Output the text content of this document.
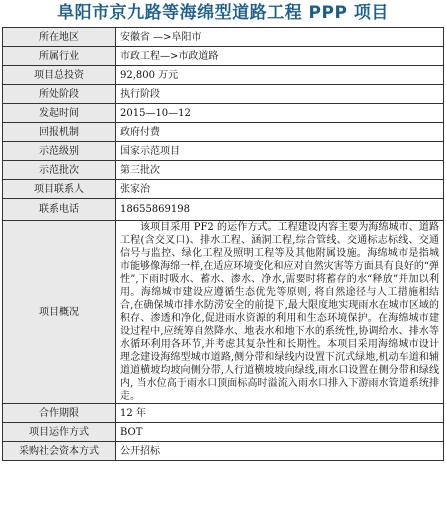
阜阳市京九路等海绵型道路工程 PPP 项目
所在地区	安徽省 —>阜阳市
所属行业	市政工程—>市政道路
项目总投资	92,800 万元
所处阶段	执行阶段
发起时间	2015—10—12
回报机制	政府付费
示范级别	国家示范项目
示范批次	第三批次
项目联系人	张家治
联系电话	18655869198
项目概况	该项目采用 PF2 的运作方式。工程建设内容主要为海绵城市、道路工程(含交叉口)、排水工程、涵洞工程,综合管线、交通标志标线、交通信号与监控、绿化工程及照明工程等及其他附属设施。海绵城市是指城市能够像海绵一样,在适应环境变化和应对自然灾害等方面具有良好的“弹性”,下雨时吸水、蓄水、渗水、净水,需要时将蓄存的水“释放”并加以利用。海绵城市建设应遵循生态优先等原则, 将自然途径与人工措施相结合,在确保城市排水防涝安全的前提下,最大限度地实现雨水在城市区域的积存、渗透和净化,促进雨水资源的利用和生态环境保护。在海绵城市建设过程中,应统筹自然降水、地表水和地下水的系统性,协调给水、排水等水循环利用各环节,并考虑其复杂性和长期性。本项目采用海绵城市设计理念建设海绵型城市道路,侧分带和绿线内设置下沉式绿地,机动车道和辅道道横坡均坡向侧分带,人行道横坡坡向绿线,雨水口设置在侧分带和绿线内, 当水位高于雨水口顶面标高时溢流入雨水口排入下游雨水管道系统排走。
合作期限	12 年
项目运作方式	BOT
采购社会资本方式	公开招标
